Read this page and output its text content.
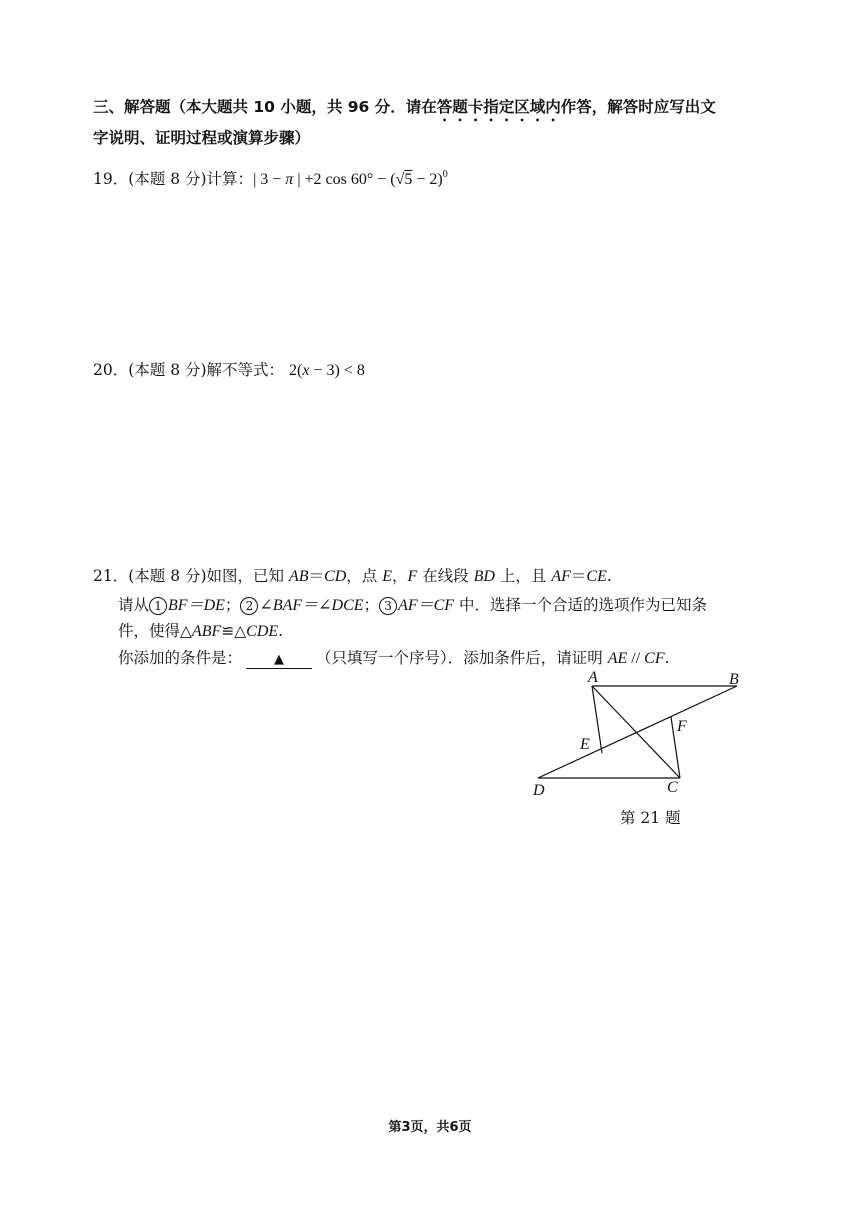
三、解答题（本大题共 10 小题，共 96 分．请在答题卡指定区域内作答，解答时应写出文
字说明、证明过程或演算步骤）
19．(本题 8 分)计算：| 3 − π | +2 $\cos 60^\circ - (√5 - 2)^0$
20．(本题 8 分)解不等式： 2(x − 3) < 8
21．(本题 8 分)如图，已知 AB＝CD，点 E，F 在线段 BD 上，且 AF＝CE.
请从 1 BF＝DE； 2 ∠BAF＝∠DCE； 3 AF＝CF 中．选择一个合适的选项作为已知条
件，使得△ABF≌△CDE.
你添加的条件是： ▲ （只填写一个序号）．添加条件后，请证明 AE // CF.
A	B
F
E
D	C
第 21 题
第3页，共6页
